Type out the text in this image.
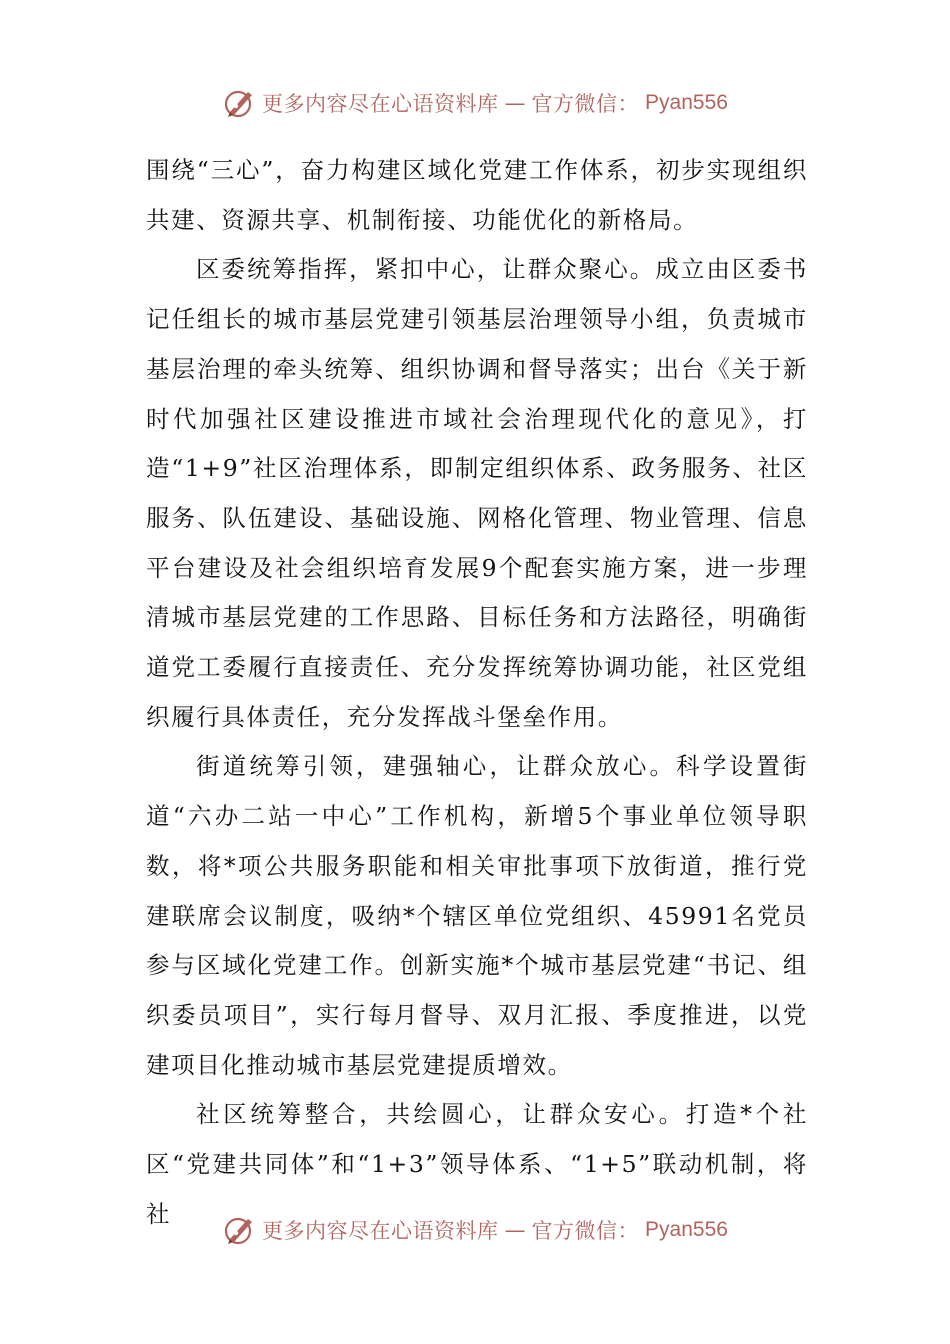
更多内容尽在心语资料库 — 官方微信： Pyan556

围绕“三心”，奋力构建区域化党建工作体系，初步实现组织共建、资源共享、机制衔接、功能优化的新格局。

区委统筹指挥，紧扣中心，让群众聚心。成立由区委书记任组长的城市基层党建引领基层治理领导小组，负责城市基层治理的牵头统筹、组织协调和督导落实；出台《关于新时代加强社区建设推进市域社会治理现代化的意见》，打造“1+9”社区治理体系，即制定组织体系、政务服务、社区服务、队伍建设、基础设施、网格化管理、物业管理、信息平台建设及社会组织培育发展9个配套实施方案，进一步理清城市基层党建的工作思路、目标任务和方法路径，明确街道党工委履行直接责任、充分发挥统筹协调功能，社区党组织履行具体责任，充分发挥战斗堡垒作用。

街道统筹引领，建强轴心，让群众放心。科学设置街道“六办二站一中心”工作机构，新增5个事业单位领导职数，将*项公共服务职能和相关审批事项下放街道，推行党建联席会议制度，吸纳*个辖区单位党组织、45991名党员参与区域化党建工作。创新实施*个城市基层党建“书记、组织委员项目”，实行每月督导、双月汇报、季度推进，以党建项目化推动城市基层党建提质增效。

社区统筹整合，共绘圆心，让群众安心。打造*个社区“党建共同体”和“1+3”领导体系、“1+5”联动机制，将社

更多内容尽在心语资料库 — 官方微信： Pyan556
